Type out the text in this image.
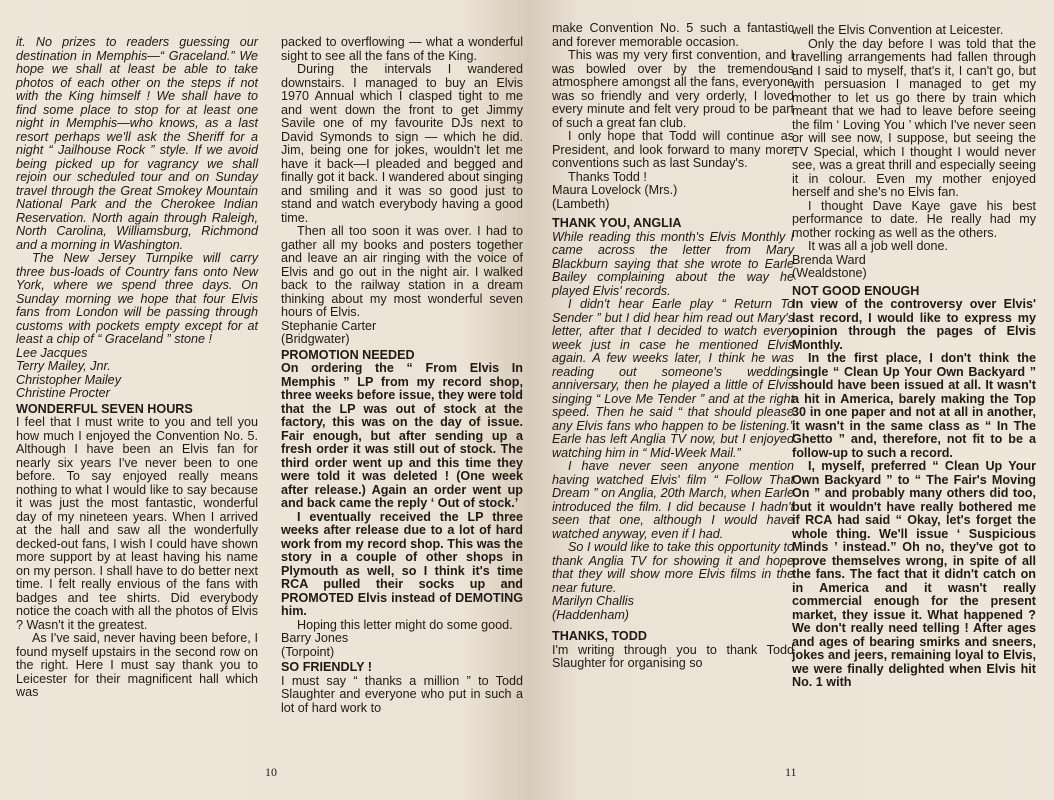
it. No prizes to readers guessing our destination in Memphis—“ Graceland.” We hope we shall at least be able to take photos of each other on the steps if not with the King himself ! We shall have to find some place to stop for at least one night in Memphis—who knows, as a last resort perhaps we'll ask the Sheriff for a night “ Jailhouse Rock ” style. If we avoid being picked up for vagrancy we shall rejoin our scheduled tour and on Sunday travel through the Great Smokey Mountain National Park and the Cherokee Indian Reservation. North again through Raleigh, North Carolina, Williamsburg, Richmond and a morning in Washington.

The New Jersey Turnpike will carry three bus-loads of Country fans onto New York, where we spend three days. On Sunday morning we hope that four Elvis fans from London will be passing through customs with pockets empty except for at least a chip of “ Graceland ” stone !

Lee Jacques

Terry Mailey, Jnr.

Christopher Mailey

Christine Procter

WONDERFUL SEVEN HOURS

I feel that I must write to you and tell you how much I enjoyed the Convention No. 5. Although I have been an Elvis fan for nearly six years I've never been to one before. To say enjoyed really means nothing to what I would like to say because it was just the most fantastic, wonderful day of my nineteen years. When I arrived at the hall and saw all the wonderfully decked-out fans, I wish I could have shown more support by at least having his name on my person. I shall have to do better next time. I felt really envious of the fans with badges and tee shirts. Did everybody notice the coach with all the photos of Elvis ? Wasn't it the greatest.

As I've said, never having been before, I found myself upstairs in the second row on the right. Here I must say thank you to Leicester for their magnificent hall which was

packed to overflowing — what a wonderful sight to see all the fans of the King.

During the intervals I wandered downstairs. I managed to buy an Elvis 1970 Annual which I clasped tight to me and went down the front to get Jimmy Savile one of my favourite DJs next to David Symonds to sign — which he did. Jim, being one for jokes, wouldn't let me have it back—I pleaded and begged and finally got it back. I wandered about singing and smiling and it was so good just to stand and watch everybody having a good time.

Then all too soon it was over. I had to gather all my books and posters together and leave an air ringing with the voice of Elvis and go out in the night air. I walked back to the railway station in a dream thinking about my most wonderful seven hours of Elvis.

Stephanie Carter

(Bridgwater)

PROMOTION NEEDED

On ordering the “ From Elvis In Memphis ” LP from my record shop, three weeks before issue, they were told that the LP was out of stock at the factory, this was on the day of issue. Fair enough, but after sending up a fresh order it was still out of stock. The third order went up and this time they were told it was deleted ! (One week after release.) Again an order went up and back came the reply ‘ Out of stock.’

I eventually received the LP three weeks after release due to a lot of hard work from my record shop. This was the story in a couple of other shops in Plymouth as well, so I think it's time RCA pulled their socks up and PROMOTED Elvis instead of DEMOTING him.

Hoping this letter might do some good.

Barry Jones

(Torpoint)

SO FRIENDLY !

I must say “ thanks a million ” to Todd Slaughter and everyone who put in such a lot of hard work to

10

make Convention No. 5 such a fantastic and forever memorable occasion.

This was my very first convention, and I was bowled over by the tremendous atmosphere amongst all the fans, everyone was so friendly and very orderly, I loved every minute and felt very proud to be part of such a great fan club.

I only hope that Todd will continue as President, and look forward to many more conventions such as last Sunday's.

Thanks Todd !

Maura Lovelock (Mrs.)

(Lambeth)

THANK YOU, ANGLIA

While reading this month's Elvis Monthly I came across the letter from Mary Blackburn saying that she wrote to Earle Bailey complaining about the way he played Elvis' records.

I didn't hear Earle play “ Return To Sender ” but I did hear him read out Mary's letter, after that I decided to watch every week just in case he mentioned Elvis again. A few weeks later, I think he was reading out someone's wedding anniversary, then he played a little of Elvis singing “ Love Me Tender ” and at the right speed. Then he said “ that should please any Elvis fans who happen to be listening.” Earle has left Anglia TV now, but I enjoyed watching him in “ Mid-Week Mail.”

I have never seen anyone mention having watched Elvis' film “ Follow That Dream ” on Anglia, 20th March, when Earle introduced the film. I did because I hadn't seen that one, although I would have watched anyway, even if I had.

So I would like to take this opportunity to thank Anglia TV for showing it and hope that they will show more Elvis films in the near future.

Marilyn Challis

(Haddenham)

THANKS, TODD

I'm writing through you to thank Todd Slaughter for organising so

well the Elvis Convention at Leicester.

Only the day before I was told that the travelling arrangements had fallen through and I said to myself, that's it, I can't go, but with persuasion I managed to get my mother to let us go there by train which meant that we had to leave before seeing the film ‘ Loving You ’ which I've never seen or will see now, I suppose, but seeing the TV Special, which I thought I would never see, was a great thrill and especially seeing it in colour. Even my mother enjoyed herself and she's no Elvis fan.

I thought Dave Kaye gave his best performance to date. He really had my mother rocking as well as the others.

It was all a job well done.

Brenda Ward

(Wealdstone)

NOT GOOD ENOUGH

In view of the controversy over Elvis' last record, I would like to express my opinion through the pages of Elvis Monthly.

In the first place, I don't think the single “ Clean Up Your Own Backyard ” should have been issued at all. It wasn't a hit in America, barely making the Top 30 in one paper and not at all in another, it wasn't in the same class as “ In The Ghetto ” and, therefore, not fit to be a follow-up to such a record.

I, myself, preferred “ Clean Up Your Own Backyard ” to “ The Fair's Moving On ” and probably many others did too, but it wouldn't have really bothered me if RCA had said “ Okay, let's forget the whole thing. We'll issue ‘ Suspicious Minds ’ instead.” Oh no, they've got to prove themselves wrong, in spite of all the fans. The fact that it didn't catch on in America and it wasn't really commercial enough for the present market, they issue it. What happened ? We don't really need telling ! After ages and ages of bearing smirks and sneers, jokes and jeers, remaining loyal to Elvis, we were finally delighted when Elvis hit No. 1 with

11
